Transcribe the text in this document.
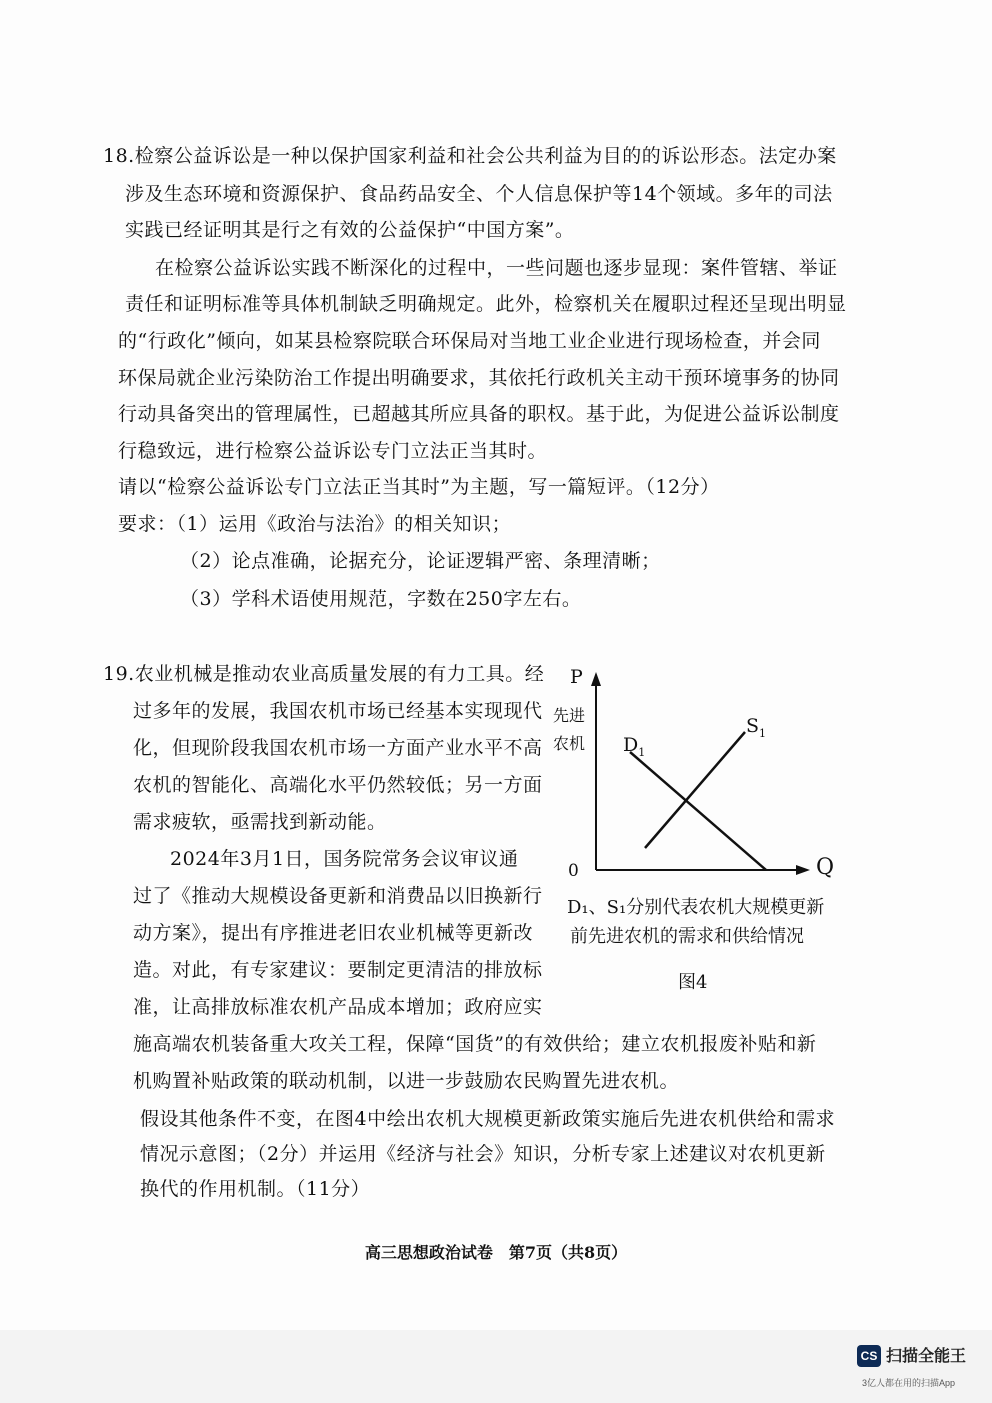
18.检察公益诉讼是一种以保护国家利益和社会公共利益为目的的诉讼形态。法定办案
涉及生态环境和资源保护、食品药品安全、个人信息保护等14个领域。多年的司法
实践已经证明其是行之有效的公益保护“中国方案”。
在检察公益诉讼实践不断深化的过程中，一些问题也逐步显现：案件管辖、举证
责任和证明标准等具体机制缺乏明确规定。此外，检察机关在履职过程还呈现出明显
的“行政化”倾向，如某县检察院联合环保局对当地工业企业进行现场检查，并会同
环保局就企业污染防治工作提出明确要求，其依托行政机关主动干预环境事务的协同
行动具备突出的管理属性，已超越其所应具备的职权。基于此，为促进公益诉讼制度
行稳致远，进行检察公益诉讼专门立法正当其时。
请以“检察公益诉讼专门立法正当其时”为主题，写一篇短评。（12分）
要求：（1）运用《政治与法治》的相关知识；
（2）论点准确，论据充分，论证逻辑严密、条理清晰；
（3）学科术语使用规范，字数在250字左右。
19.农业机械是推动农业高质量发展的有力工具。经
过多年的发展，我国农机市场已经基本实现现代
化，但现阶段我国农机市场一方面产业水平不高
农机的智能化、高端化水平仍然较低；另一方面
需求疲软，亟需找到新动能。
2024年3月1日，国务院常务会议审议通
过了《推动大规模设备更新和消费品以旧换新行
动方案》，提出有序推进老旧农业机械等更新改
造。对此，有专家建议：要制定更清洁的排放标
准，让高排放标准农机产品成本增加；政府应实
施高端农机装备重大攻关工程，保障“国货”的有效供给；建立农机报废补贴和新
机购置补贴政策的联动机制，以进一步鼓励农民购置先进农机。
假设其他条件不变，在图4中绘出农机大规模更新政策实施后先进农机供给和需求
情况示意图；（2分）并运用《经济与社会》知识，分析专家上述建议对农机更新
换代的作用机制。（11分）
P
先进
农机 $D_1$
$S_1$
0	Q
D₁、S₁分别代表农机大规模更新
前先进农机的需求和供给情况
图4
高三思想政治试卷　第7页（共8页）
CS 扫描全能王
3亿人都在用的扫描App
